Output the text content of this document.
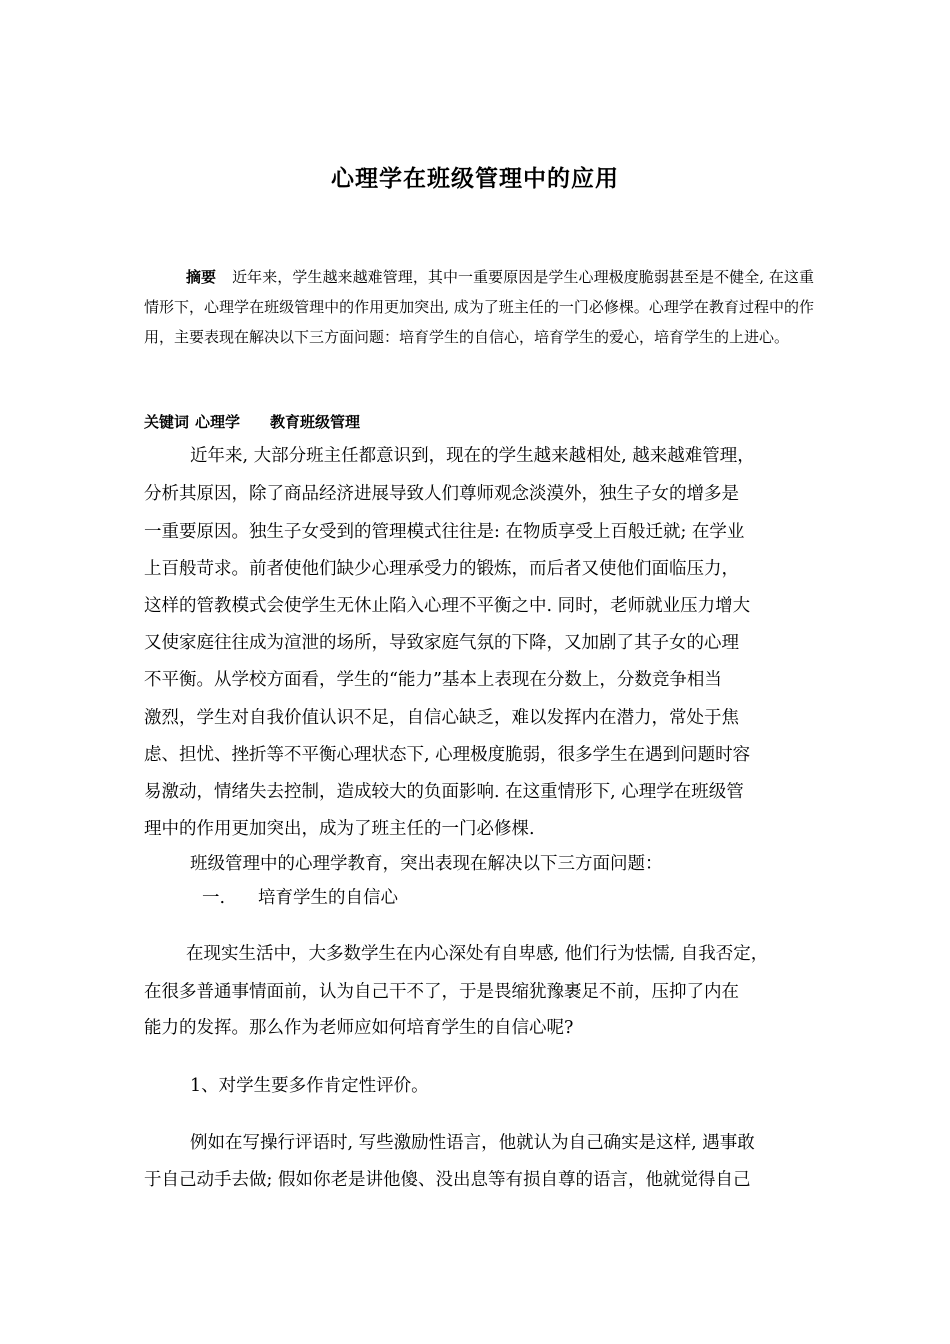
心理学在班级管理中的应用
摘要 近年来，学生越来越难管理，其中一重要原因是学生心理极度脆弱甚至是不健全, 在这重情形下，心理学在班级管理中的作用更加突出, 成为了班主任的一门必修棵。心理学在教育过程中的作用，主要表现在解决以下三方面问题：培育学生的自信心，培育学生的爱心，培育学生的上进心。
关键词 心理学 教育班级管理
近年来, 大部分班主任都意识到，现在的学生越来越相处, 越来越难管理，
分析其原因，除了商品经济进展导致人们尊师观念淡漠外，独生子女的增多是
一重要原因。独生子女受到的管理模式往往是: 在物质享受上百般迁就; 在学业
上百般苛求。前者使他们缺少心理承受力的锻炼，而后者又使他们面临压力，
这样的管教模式会使学生无休止陷入心理不平衡之中. 同时，老师就业压力增大
又使家庭往往成为渲泄的场所，导致家庭气氛的下降，又加剧了其子女的心理
不平衡。从学校方面看，学生的“能力”基本上表现在分数上，分数竞争相当
激烈，学生对自我价值认识不足，自信心缺乏，难以发挥内在潜力，常处于焦
虑、担忧、挫折等不平衡心理状态下, 心理极度脆弱，很多学生在遇到问题时容
易激动，情绪失去控制，造成较大的负面影响. 在这重情形下, 心理学在班级管
理中的作用更加突出，成为了班主任的一门必修棵.
班级管理中的心理学教育，突出表现在解决以下三方面问题：
一. 培育学生的自信心
在现实生活中，大多数学生在内心深处有自卑感, 他们行为怯懦, 自我否定，
在很多普通事情面前，认为自己干不了，于是畏缩犹豫裹足不前，压抑了内在
能力的发挥。那么作为老师应如何培育学生的自信心呢?
1、对学生要多作肯定性评价。
例如在写操行评语时, 写些激励性语言，他就认为自己确实是这样, 遇事敢
于自己动手去做; 假如你老是讲他傻、没出息等有损自尊的语言，他就觉得自己
